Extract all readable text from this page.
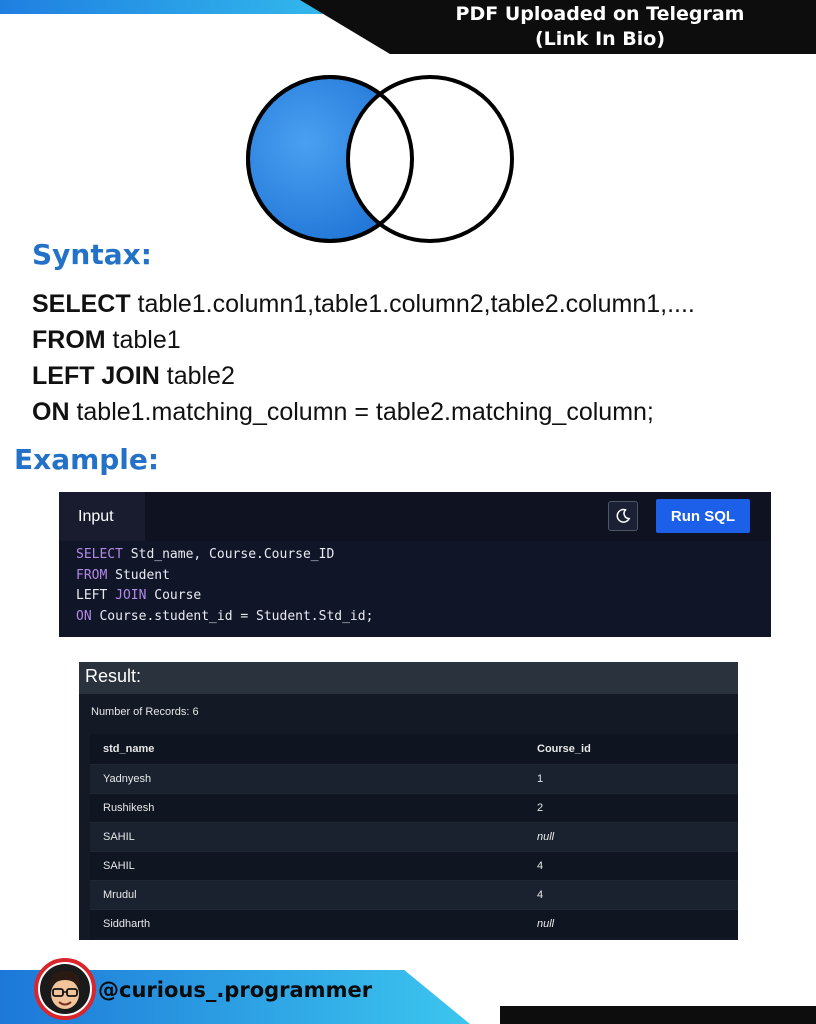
PDF Uploaded on Telegram
(Link In Bio)
Syntax:
SELECT table1.column1,table1.column2,table2.column1,....
FROM table1
LEFT JOIN table2
ON table1.matching_column = table2.matching_column;
Example:
Input	Run SQL
SELECT Std_name, Course.Course_ID
FROM Student
LEFT JOIN Course
ON Course.student_id = Student.Std_id;
Result:
Number of Records: 6
std_name	Course_id
Yadnyesh	1
Rushikesh	2
SAHIL	null
SAHIL	4
Mrudul	4
Siddharth	null
@curious_.programmer
